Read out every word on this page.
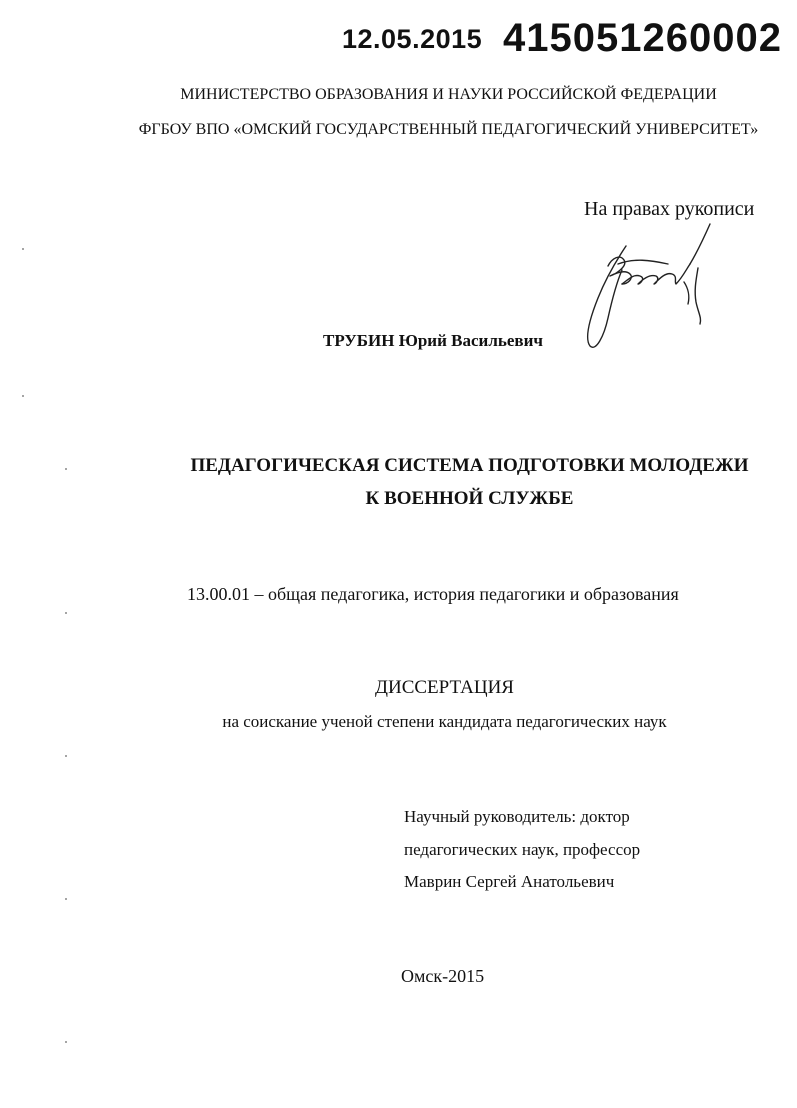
12.05.2015 415051260002
МИНИСТЕРСТВО ОБРАЗОВАНИЯ И НАУКИ РОССИЙСКОЙ ФЕДЕРАЦИИ
ФГБОУ ВПО «ОМСКИЙ ГОСУДАРСТВЕННЫЙ ПЕДАГОГИЧЕСКИЙ УНИВЕРСИТЕТ»
На правах рукописи
ТРУБИН Юрий Васильевич
ПЕДАГОГИЧЕСКАЯ СИСТЕМА ПОДГОТОВКИ МОЛОДЕЖИ
К ВОЕННОЙ СЛУЖБЕ
13.00.01 – общая педагогика, история педагогики и образования
ДИССЕРТАЦИЯ
на соискание ученой степени кандидата педагогических наук
Научный руководитель: доктор
педагогических наук, профессор
Маврин Сергей Анатольевич
Омск-2015
